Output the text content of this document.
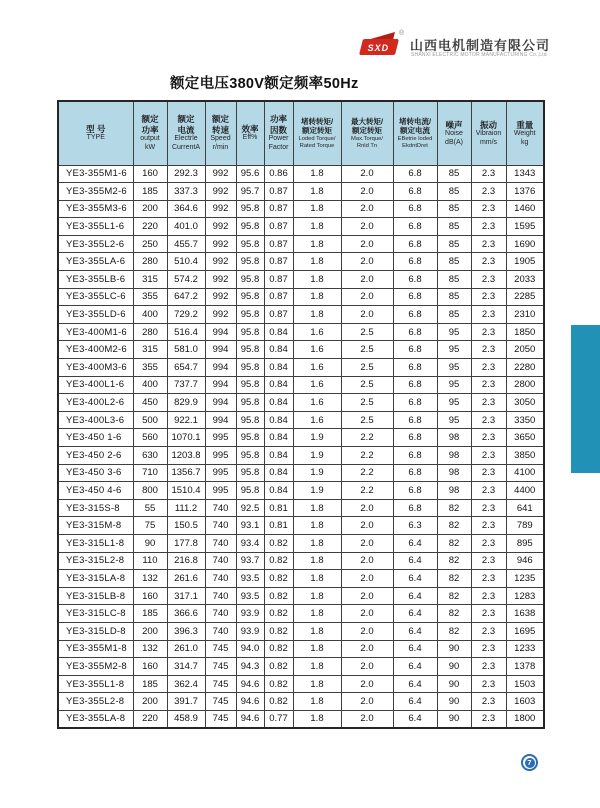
SXD
®
山西电机制造有限公司
SHANXI ELECTRIC MOTOR MANUFACTURING Co.,Ltd
额定电压380V额定频率50Hz
型 号
TYPE	额定
功率
output
kW	额定
电流
Electrle
CurrentA	额定
转速
Speed
r/min	效率
Eff%	功率
因数
Power
Factor	堵转转矩/
额定转矩
Loded Torque/
Rated Torque	最大转矩/
额定转矩
Max.Torque/
Rnld Tn	堵转电流/
额定电流
EBetrie loded
EkdntDret	噪声
Noise
dB(A)	振动
Vibraion
mm/s	重量
Weight
kg

YE3-355M1-6	160	292.3	992	95.6	0.86	1.8	2.0	6.8	85	2.3	1343
YE3-355M2-6	185	337.3	992	95.7	0.87	1.8	2.0	6.8	85	2.3	1376
YE3-355M3-6	200	364.6	992	95.8	0.87	1.8	2.0	6.8	85	2.3	1460
YE3-355L1-6	220	401.0	992	95.8	0.87	1.8	2.0	6.8	85	2.3	1595
YE3-355L2-6	250	455.7	992	95.8	0.87	1.8	2.0	6.8	85	2.3	1690
YE3-355LA-6	280	510.4	992	95.8	0.87	1.8	2.0	6.8	85	2.3	1905
YE3-355LB-6	315	574.2	992	95.8	0.87	1.8	2.0	6.8	85	2.3	2033
YE3-355LC-6	355	647.2	992	95.8	0.87	1.8	2.0	6.8	85	2.3	2285
YE3-355LD-6	400	729.2	992	95.8	0.87	1.8	2.0	6.8	85	2.3	2310
YE3-400M1-6	280	516.4	994	95.8	0.84	1.6	2.5	6.8	95	2.3	1850
YE3-400M2-6	315	581.0	994	95.8	0.84	1.6	2.5	6.8	95	2.3	2050
YE3-400M3-6	355	654.7	994	95.8	0.84	1.6	2.5	6.8	95	2.3	2280
YE3-400L1-6	400	737.7	994	95.8	0.84	1.6	2.5	6.8	95	2.3	2800
YE3-400L2-6	450	829.9	994	95.8	0.84	1.6	2.5	6.8	95	2.3	3050
YE3-400L3-6	500	922.1	994	95.8	0.84	1.6	2.5	6.8	95	2.3	3350
YE3-450 1-6	560	1070.1	995	95.8	0.84	1.9	2.2	6.8	98	2.3	3650
YE3-450 2-6	630	1203.8	995	95.8	0.84	1.9	2.2	6.8	98	2.3	3850
YE3-450 3-6	710	1356.7	995	95.8	0.84	1.9	2.2	6.8	98	2.3	4100
YE3-450 4-6	800	1510.4	995	95.8	0.84	1.9	2.2	6.8	98	2.3	4400
YE3-315S-8	55	111.2	740	92.5	0.81	1.8	2.0	6.8	82	2.3	641
YE3-315M-8	75	150.5	740	93.1	0.81	1.8	2.0	6.3	82	2.3	789
YE3-315L1-8	90	177.8	740	93.4	0.82	1.8	2.0	6.4	82	2.3	895
YE3-315L2-8	110	216.8	740	93.7	0.82	1.8	2.0	6.4	82	2.3	946
YE3-315LA-8	132	261.6	740	93.5	0.82	1.8	2.0	6.4	82	2.3	1235
YE3-315LB-8	160	317.1	740	93.5	0.82	1.8	2.0	6.4	82	2.3	1283
YE3-315LC-8	185	366.6	740	93.9	0.82	1.8	2.0	6.4	82	2.3	1638
YE3-315LD-8	200	396.3	740	93.9	0.82	1.8	2.0	6.4	82	2.3	1695
YE3-355M1-8	132	261.0	745	94.0	0.82	1.8	2.0	6.4	90	2.3	1233
YE3-355M2-8	160	314.7	745	94.3	0.82	1.8	2.0	6.4	90	2.3	1378
YE3-355L1-8	185	362.4	745	94.6	0.82	1.8	2.0	6.4	90	2.3	1503
YE3-355L2-8	200	391.7	745	94.6	0.82	1.8	2.0	6.4	90	2.3	1603
YE3-355LA-8	220	458.9	745	94.6	0.77	1.8	2.0	6.4	90	2.3	1800
7
